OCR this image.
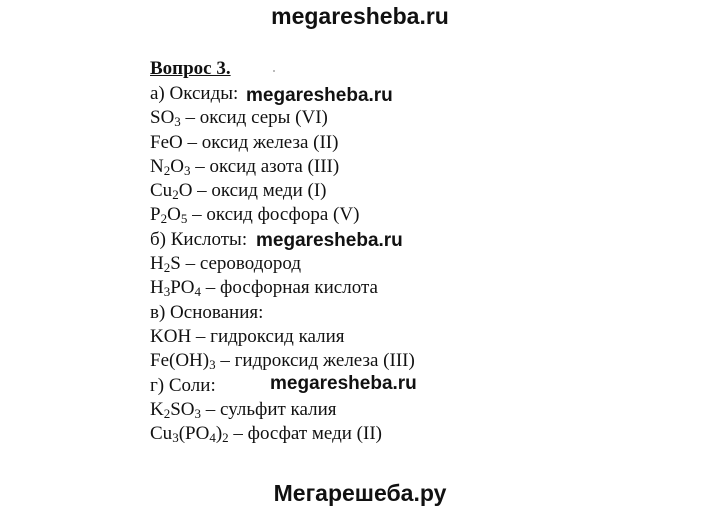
megaresheba.ru
Вопрос 3.
а) Оксиды:
$SO_3$ – оксид серы (VI)
FeO – оксид железа (II)
$N_2O_3$ – оксид азота (III)
$Cu_2O$ – оксид меди (I)
$P_2O_5$ – оксид фосфора (V)
б) Кислоты:
$H_2S$ – сероводород
$H_3PO_4$ – фосфорная кислота
в) Основания:
KOH – гидроксид калия
$Fe(OH)_3$ – гидроксид железа (III)
г) Соли:
$K_2SO_3$ – сульфит калия
$Cu_3(PO_4)_2$ – фосфат меди (II)
megaresheba.ru
megaresheba.ru
megaresheba.ru
Мегарешеба.ру
